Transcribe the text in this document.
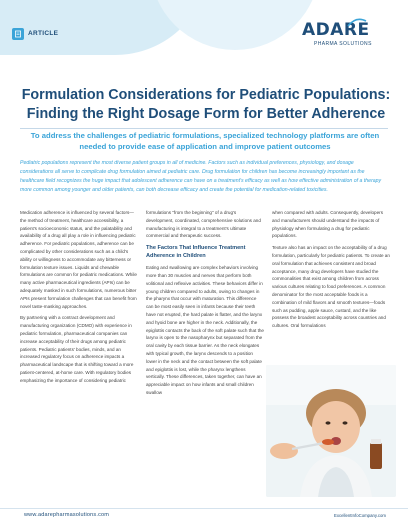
ARTICLE	ADARE
PHARMA SOLUTIONS
Formulation Considerations for Pediatric Populations: Finding the Right Dosage Form for Better Adherence
To address the challenges of pediatric formulations, specialized technology platforms are often needed to provide ease of application and improve patient outcomes

Pediatric populations represent the most diverse patient groups in all of medicine. Factors such as individual preferences, physiology, and dosage considerations all serve to complicate drug formulation aimed at pediatric care. Drug formulation for children has become increasingly important as the healthcare field recognizes the huge impact that adolescent adherence can have on a treatment's efficacy as well as how effective administration of a therapy more common among younger and older patients, can both decrease efficacy and create the potential for medication-related toxicities.

Medication adherence is influenced by several factors—the method of treatment, healthcare accessibility, a patient's socioeconomic status, and the palatability and availability of a drug all play a role in influencing pediatric adherence. For pediatric populations, adherence can be complicated by other considerations such as a child's ability or willingness to accommodate any bitterness or formulation texture issues. Liquids and chewable formulations are common for pediatric medications. While many active pharmaceutical ingredients (APIs) can be adequately masked in such formulations, numerous bitter APIs present formulation challenges that can benefit from novel taste-masking approaches.

By partnering with a contract development and manufacturing organization (CDMO) with experience in pediatric formulation, pharmaceutical companies can increase acceptability of their drugs among pediatric patients. Pediatric patients' bodies, minds, and an increased regulatory focus on adherence impacts a pharmaceutical landscape that is shifting toward a more patient-centered, at-home care. With regulatory bodies emphasizing the importance of considering pediatric

formulations "from the beginning" of a drug's development, coordinated, comprehensive solutions and manufacturing is integral to a treatment's ultimate commercial and therapeutic success.

The Factors That Influence Treatment Adherence in Children

Eating and swallowing are complex behaviors involving more than 30 muscles and nerves that perform both volitional and reflexive activities. These behaviors differ in young children compared to adults, owing to changes in the pharynx that occur with maturation. This difference can be most easily seen in infants because their teeth have not erupted, the hard palate is flatter, and the larynx and hyoid bone are higher in the neck. Additionally, the epiglottis contacts the back of the soft palate such that the larynx is open to the nasopharynx but separated from the oral cavity by each tissue barrier. As the neck elongates with typical growth, the larynx descends to a position lower in the neck and the contact between the soft palate and epiglottis is lost, while the pharynx lengthens vertically. These differences, taken together, can have an appreciable impact on how infants and small children swallow

when compared with adults. Consequently, developers and manufacturers should understand the impacts of physiology when formulating a drug for pediatric populations.

Texture also has an impact on the acceptability of a drug formulation, particularly for pediatric patients. To create an oral formulation that achieves consistent and broad acceptance, many drug developers have studied the commonalities that exist among children from across various cultures relating to food preferences. A common denominator for the most acceptable foods is a combination of mild flavors and smooth textures—foods such as pudding, apple sauce, custard, and the like possess the broadest acceptability across countries and cultures. Oral formulations

www.adarepharmasolutions.com	ExcellentInfoCompany.com
